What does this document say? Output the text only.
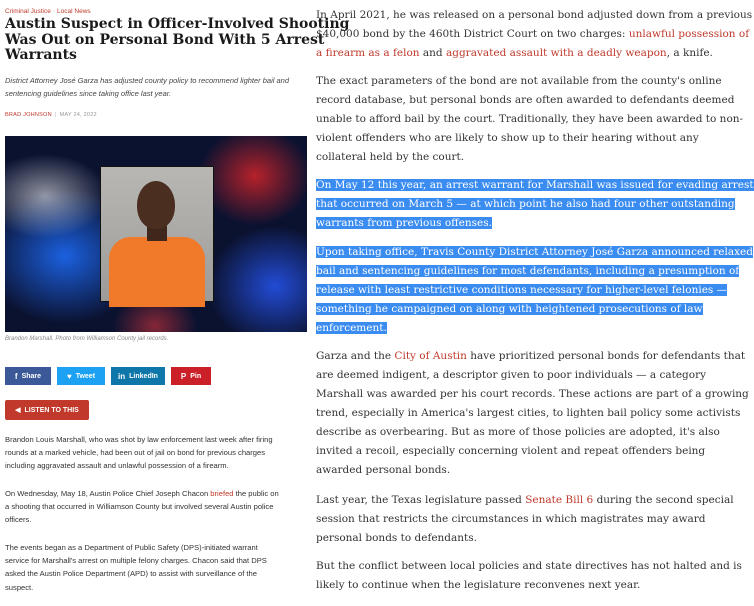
Criminal Justice · Local News
Austin Suspect in Officer-Involved Shooting
Was Out on Personal Bond With 5 Arrest
Warrants
District Attorney José Garza has adjusted county policy to recommend lighter bail and
sentencing guidelines since taking office last year.
BRAD JOHNSON | MAY 24, 2022
Brandon Marshall. Photo from Williamson County jail records.
f Share	♥ Tweet	in LinkedIn	P Pin
◀ LISTEN TO THIS

Brandon Louis Marshall, who was shot by law enforcement last week after firing
rounds at a marked vehicle, had been out of jail on bond for previous charges
including aggravated assault and unlawful possession of a firearm.

On Wednesday, May 18, Austin Police Chief Joseph Chacon briefed the public on
a shooting that occurred in Williamson County but involved several Austin police
officers.

The events began as a Department of Public Safety (DPS)-initiated warrant
service for Marshall's arrest on multiple felony charges. Chacon said that DPS
asked the Austin Police Department (APD) to assist with surveillance of the
suspect.

In April 2021, he was released on a personal bond adjusted down from a previous
$40,000 bond by the 460th District Court on two charges: unlawful possession of
a firearm as a felon and aggravated assault with a deadly weapon, a knife.

The exact parameters of the bond are not available from the county's online
record database, but personal bonds are often awarded to defendants deemed
unable to afford bail by the court. Traditionally, they have been awarded to non-
violent offenders who are likely to show up to their hearing without any
collateral held by the court.

On May 12 this year, an arrest warrant for Marshall was issued for evading arrest
that occurred on March 5 — at which point he also had four other outstanding
warrants from previous offenses.

Upon taking office, Travis County District Attorney José Garza announced relaxed
bail and sentencing guidelines for most defendants, including a presumption of
release with least restrictive conditions necessary for higher-level felonies —
something he campaigned on along with heightened prosecutions of law
enforcement.

Garza and the City of Austin have prioritized personal bonds for defendants that
are deemed indigent, a descriptor given to poor individuals — a category
Marshall was awarded per his court records. These actions are part of a growing
trend, especially in America's largest cities, to lighten bail policy some activists
describe as overbearing. But as more of those policies are adopted, it's also
invited a recoil, especially concerning violent and repeat offenders being
awarded personal bonds.

Last year, the Texas legislature passed Senate Bill 6 during the second special
session that restricts the circumstances in which magistrates may award
personal bonds to defendants.

But the conflict between local policies and state directives has not halted and is
likely to continue when the legislature reconvenes next year.
